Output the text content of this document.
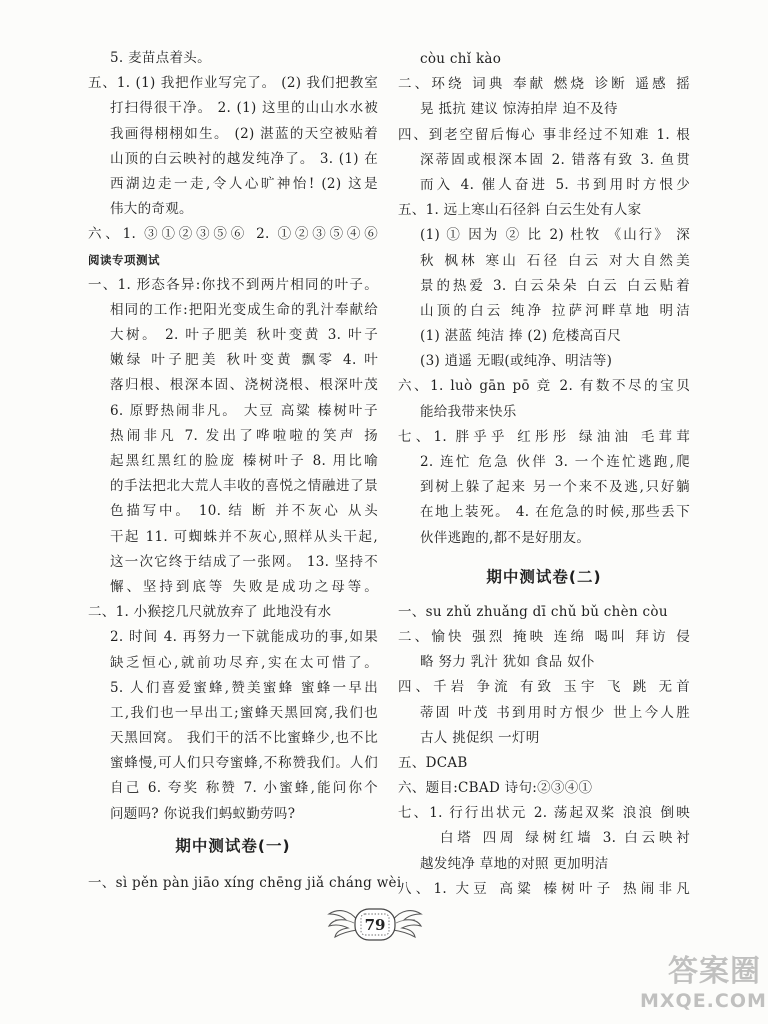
5. 麦苗点着头。
五、1. (1) 我把作业写完了。 (2) 我们把教室
打扫得很干净。 2. (1) 这里的山山水水被
我画得栩栩如生。 (2) 湛蓝的天空被贴着
山顶的白云映衬的越发纯净了。 3. (1) 在
西湖边走一走,令人心旷神怡! (2) 这是
伟大的奇观。
六、1. ③①②③⑤⑥ 2. ①②③⑤④⑥
阅读专项测试
一、1. 形态各异:你找不到两片相同的叶子。
相同的工作:把阳光变成生命的乳汁奉献给
大树。 2. 叶子肥美 秋叶变黄 3. 叶子
嫩绿 叶子肥美 秋叶变黄 飘零 4. 叶
落归根、根深本固、浇树浇根、根深叶茂
6. 原野热闹非凡。 大豆 高粱 榛树叶子
热闹非凡 7. 发出了哗啦啦的笑声 扬
起黑红黑红的脸庞 榛树叶子 8. 用比喻
的手法把北大荒人丰收的喜悦之情融进了景
色描写中。 10. 结 断 并不灰心 从头
干起 11. 可蜘蛛并不灰心,照样从头干起,
这一次它终于结成了一张网。 13. 坚持不
懈、坚持到底等 失败是成功之母等。
二、1. 小猴挖几尺就放弃了 此地没有水
2. 时间 4. 再努力一下就能成功的事,如果
缺乏恒心,就前功尽弃,实在太可惜了。
5. 人们喜爱蜜蜂,赞美蜜蜂 蜜蜂一早出
工,我们也一早出工;蜜蜂天黑回窝,我们也
天黑回窝。 我们干的活不比蜜蜂少,也不比
蜜蜂慢,可人们只夸蜜蜂,不称赞我们。人们
自己 6. 夸奖 称赞 7. 小蜜蜂,能问你个
问题吗? 你说我们蚂蚁勤劳吗?
期中测试卷(一)
一、sì pěn pàn jiāo xíng chēng jiǎ cháng wèi
còu chǐ kào
二、环绕 词典 奉献 燃烧 诊断 遥感 摇
晃 抵抗 建议 惊涛拍岸 迫不及待
四、到老空留后悔心 事非经过不知难 1. 根
深蒂固或根深本固 2. 错落有致 3. 鱼贯
而入 4. 催人奋进 5. 书到用时方恨少
五、1. 远上寒山石径斜 白云生处有人家
(1) ① 因为 ② 比 2) 杜牧 《山行》 深
秋 枫林 寒山 石径 白云 对大自然美
景的热爱 3. 白云朵朵 白云 白云贴着
山顶的白云 纯净 拉萨河畔草地 明洁
(1) 湛蓝 纯洁 捧 (2) 危楼高百尺
(3) 逍遥 无暇(或纯净、明洁等)
六、1. luò gān pō 竞 2. 有数不尽的宝贝
能给我带来快乐
七、1. 胖乎乎 红彤彤 绿油油 毛茸茸
2. 连忙 危急 伙伴 3. 一个连忙逃跑,爬
到树上躲了起来 另一个来不及逃,只好躺
在地上装死。 4. 在危急的时候,那些丢下
伙伴逃跑的,都不是好朋友。
期中测试卷(二)
一、su zhǔ zhuǎng dī chǔ bǔ chèn còu
二、愉快 强烈 掩映 连绵 喝叫 拜访 侵
略 努力 乳汁 犹如 食品 奴仆
四、千岩 争流 有致 玉宇 飞 跳 无首
蒂固 叶茂 书到用时方恨少 世上今人胜
古人 挑促织 一灯明
五、DCAB
六、题目:CBAD 诗句:②③④①
七、1. 行行出状元 2. 荡起双桨 浪浪 倒映
白塔 四周 绿树红墙 3. 白云映衬
越发纯净 草地的对照 更加明洁
八、1. 大豆 高粱 榛树叶子 热闹非凡
79
答案圈
MXQE.COM
